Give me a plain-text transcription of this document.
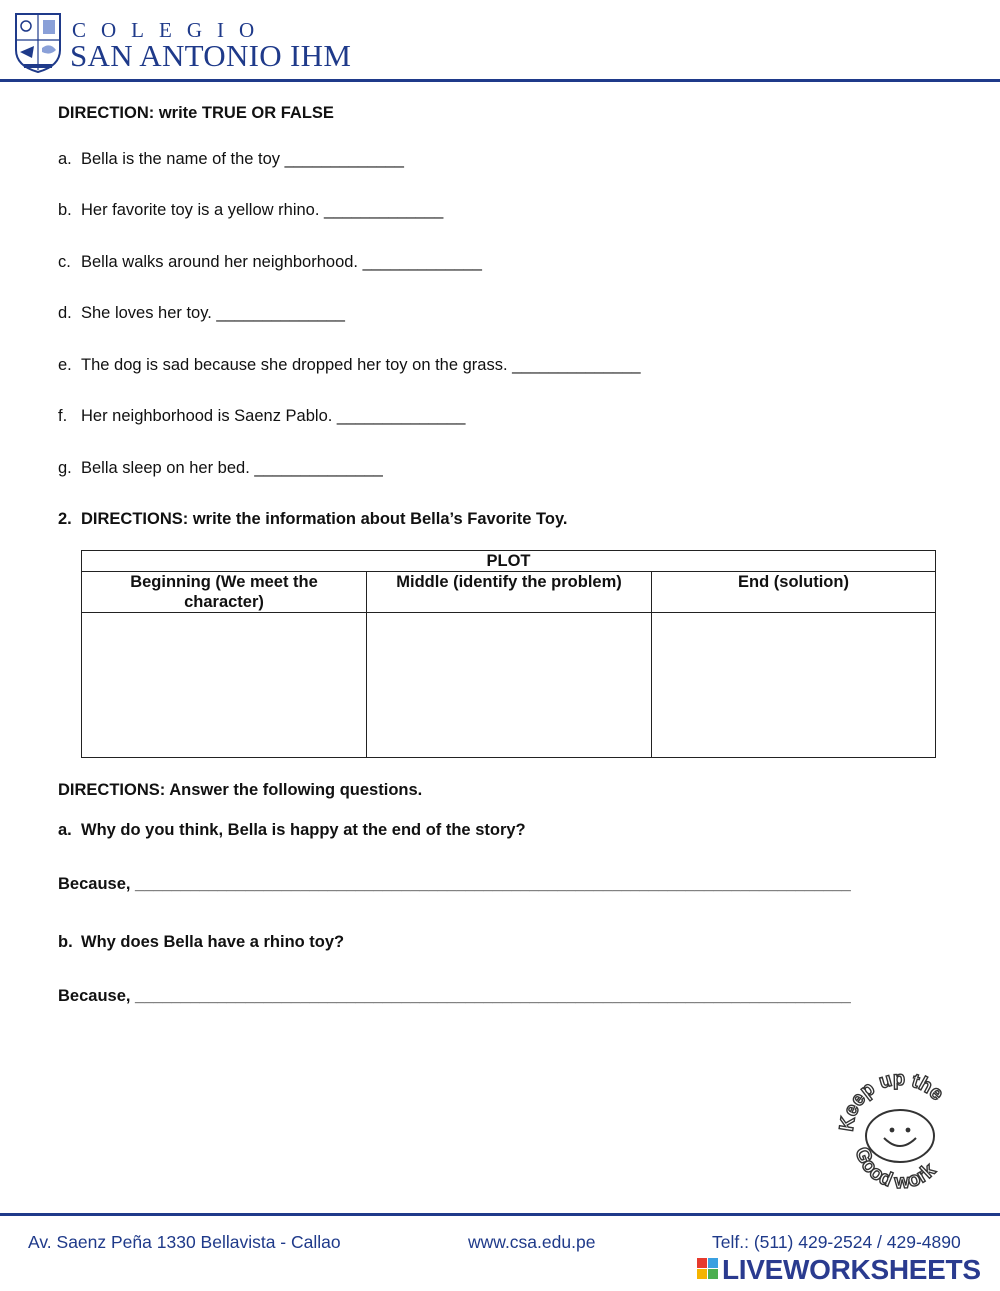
COLEGIO
SAN ANTONIO IHM
DIRECTION: write TRUE OR FALSE
a. Bella is the name of the toy _____________
b. Her favorite toy is a yellow rhino. _____________
c. Bella walks around her neighborhood. _____________
d. She loves her toy. ______________
e. The dog is sad because she dropped her toy on the grass. ______________
f. Her neighborhood is Saenz Pablo. ______________
g. Bella sleep on her bed. ______________
2. DIRECTIONS: write the information about Bella’s Favorite Toy.
PLOT		

Beginning (We meet the character)	Middle (identify the problem)	End (solution)

DIRECTIONS: Answer the following questions.
a. Why do you think, Bella is happy at the end of the story?
Because, ______________________________________________________________________________
b. Why does Bella have a rhino toy?
Because, ______________________________________________________________________________
Keep up the
Good work
Av. Saenz Peña 1330 Bellavista - Callao	www.csa.edu.pe	Telf.: (511) 429-2524 / 429-4890
LIVEWORKSHEETS
